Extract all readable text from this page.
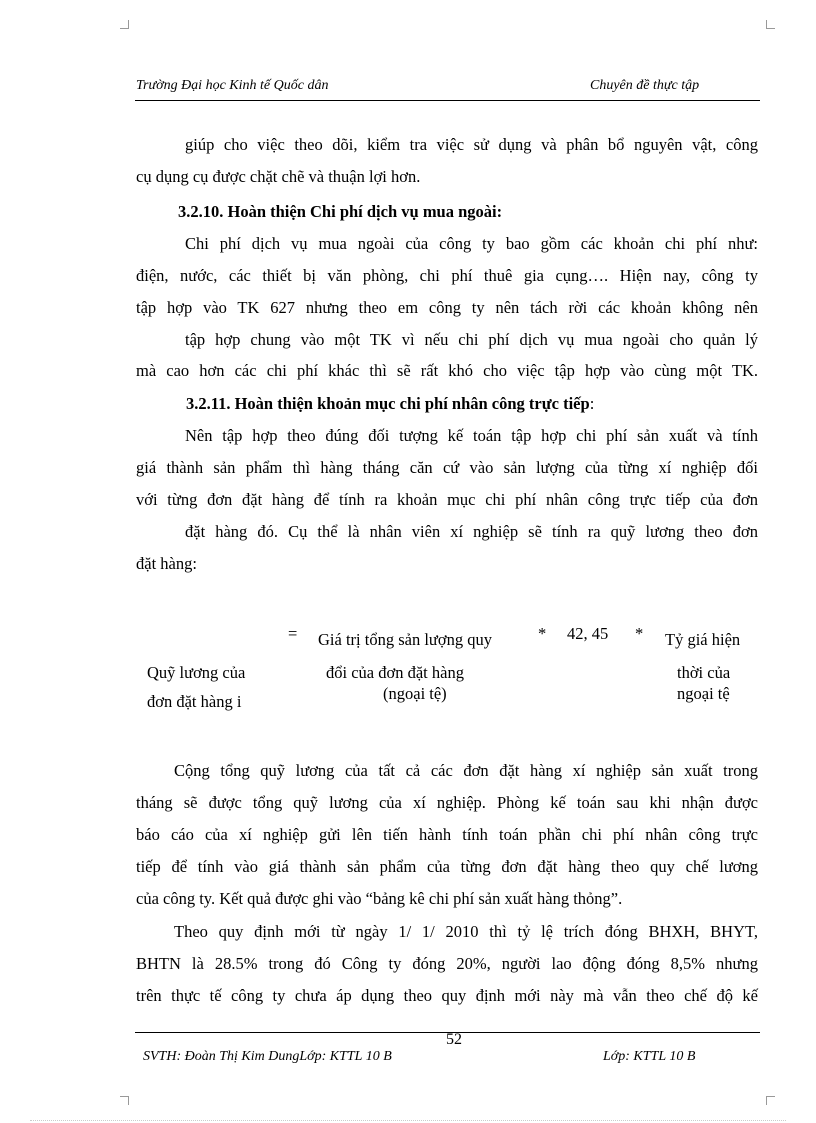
Trường Đại học Kinh tế Quốc dân	Chuyên đề thực tập
giúp cho việc theo dõi, kiểm tra việc sử dụng và phân bổ nguyên vật, công
cụ dụng cụ được chặt chẽ và thuận lợi hơn.
3.2.10. Hoàn thiện Chi phí dịch vụ mua ngoài:
Chi phí dịch vụ mua ngoài của công ty bao gồm các khoản chi phí như:
điện, nước, các thiết bị văn phòng, chi phí thuê gia cụng…. Hiện nay, công ty
tập hợp vào TK 627 nhưng theo em công ty nên tách rời các khoản không nên
tập hợp chung vào một TK vì nếu chi phí dịch vụ mua ngoài cho quản lý
mà cao hơn các chi phí khác thì sẽ rất khó cho việc tập hợp vào cùng một TK.
3.2.11. Hoàn thiện khoản mục chi phí nhân công trực tiếp:
Nên tập hợp theo đúng đối tượng kế toán tập hợp chi phí sản xuất và tính
giá thành sản phẩm thì hàng tháng căn cứ vào sản lượng của từng xí nghiệp đối
với từng đơn đặt hàng để tính ra khoản mục chi phí nhân công trực tiếp của đơn
đặt hàng đó. Cụ thể là nhân viên xí nghiệp sẽ tính ra quỹ lương theo đơn
đặt hàng:
Quỹ lương của
đơn đặt hàng i
= Giá trị tổng sản lượng quy
đổi của đơn đặt hàng
(ngoại tệ)
* 42, 45 * Tỷ giá hiện
thời của
ngoại tệ
Cộng tổng quỹ lương của tất cả các đơn đặt hàng xí nghiệp sản xuất trong
tháng sẽ được tổng quỹ lương của xí nghiệp. Phòng kế toán sau khi nhận được
báo cáo của xí nghiệp gửi lên tiến hành tính toán phần chi phí nhân công trực
tiếp để tính vào giá thành sản phẩm của từng đơn đặt hàng theo quy chế lương
của công ty. Kết quả được ghi vào “bảng kê chi phí sản xuất hàng thỏng”.
Theo quy định mới từ ngày 1/ 1/ 2010 thì tỷ lệ trích đóng BHXH, BHYT,
BHTN là 28.5% trong đó Công ty đóng 20%, người lao động đóng 8,5% nhưng
trên thực tế công ty chưa áp dụng theo quy định mới này mà vẫn theo chế độ kế
52
SVTH: Đoàn Thị Kim DungLớp: KTTL 10 B	Lớp: KTTL 10 B
